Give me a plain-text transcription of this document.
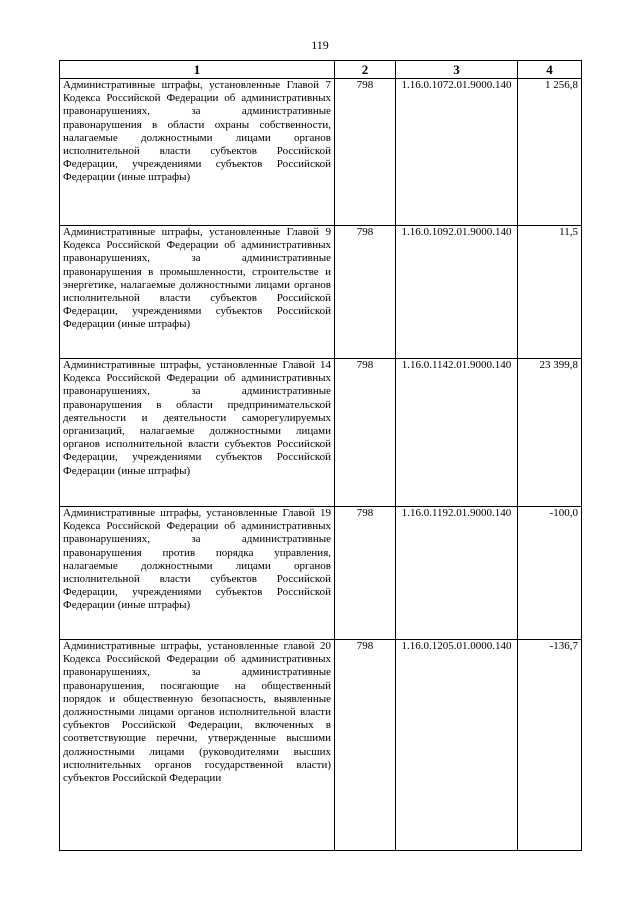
119
1	2	3	4
Административные штрафы, установленные Главой 7 Кодекса Российской Федерации об административных правонарушениях, за административные правонарушения в области охраны собственности, налагаемые должностными лицами органов исполнительной власти субъектов Российской Федерации, учреждениями субъектов Российской Федерации (иные штрафы)	798	1.16.0.1072.01.9000.140	1 256,8
Административные штрафы, установленные Главой 9 Кодекса Российской Федерации об административных правонарушениях, за административные правонарушения в промышленности, строительстве и энергетике, налагаемые должностными лицами органов исполнительной власти субъектов Российской Федерации, учреждениями субъектов Российской Федерации (иные штрафы)	798	1.16.0.1092.01.9000.140	11,5
Административные штрафы, установленные Главой 14 Кодекса Российской Федерации об административных правонарушениях, за административные правонарушения в области предпринимательской деятельности и деятельности саморегулируемых организаций, налагаемые должностными лицами органов исполнительной власти субъектов Российской Федерации, учреждениями субъектов Российской Федерации (иные штрафы)	798	1.16.0.1142.01.9000.140	23 399,8
Административные штрафы, установленные Главой 19 Кодекса Российской Федерации об административных правонарушениях, за административные правонарушения против порядка управления, налагаемые должностными лицами органов исполнительной власти субъектов Российской Федерации, учреждениями субъектов Российской Федерации (иные штрафы)	798	1.16.0.1192.01.9000.140	-100,0
Административные штрафы, установленные главой 20 Кодекса Российской Федерации об административных правонарушениях, за административные правонарушения, посягающие на общественный порядок и общественную безопасность, выявленные должностными лицами органов исполнительной власти субъектов Российской Федерации, включенных в соответствующие перечни, утвержденные высшими должностными лицами (руководителями высших исполнительных органов государственной власти) субъектов Российской Федерации	798	1.16.0.1205.01.0000.140	-136,7
